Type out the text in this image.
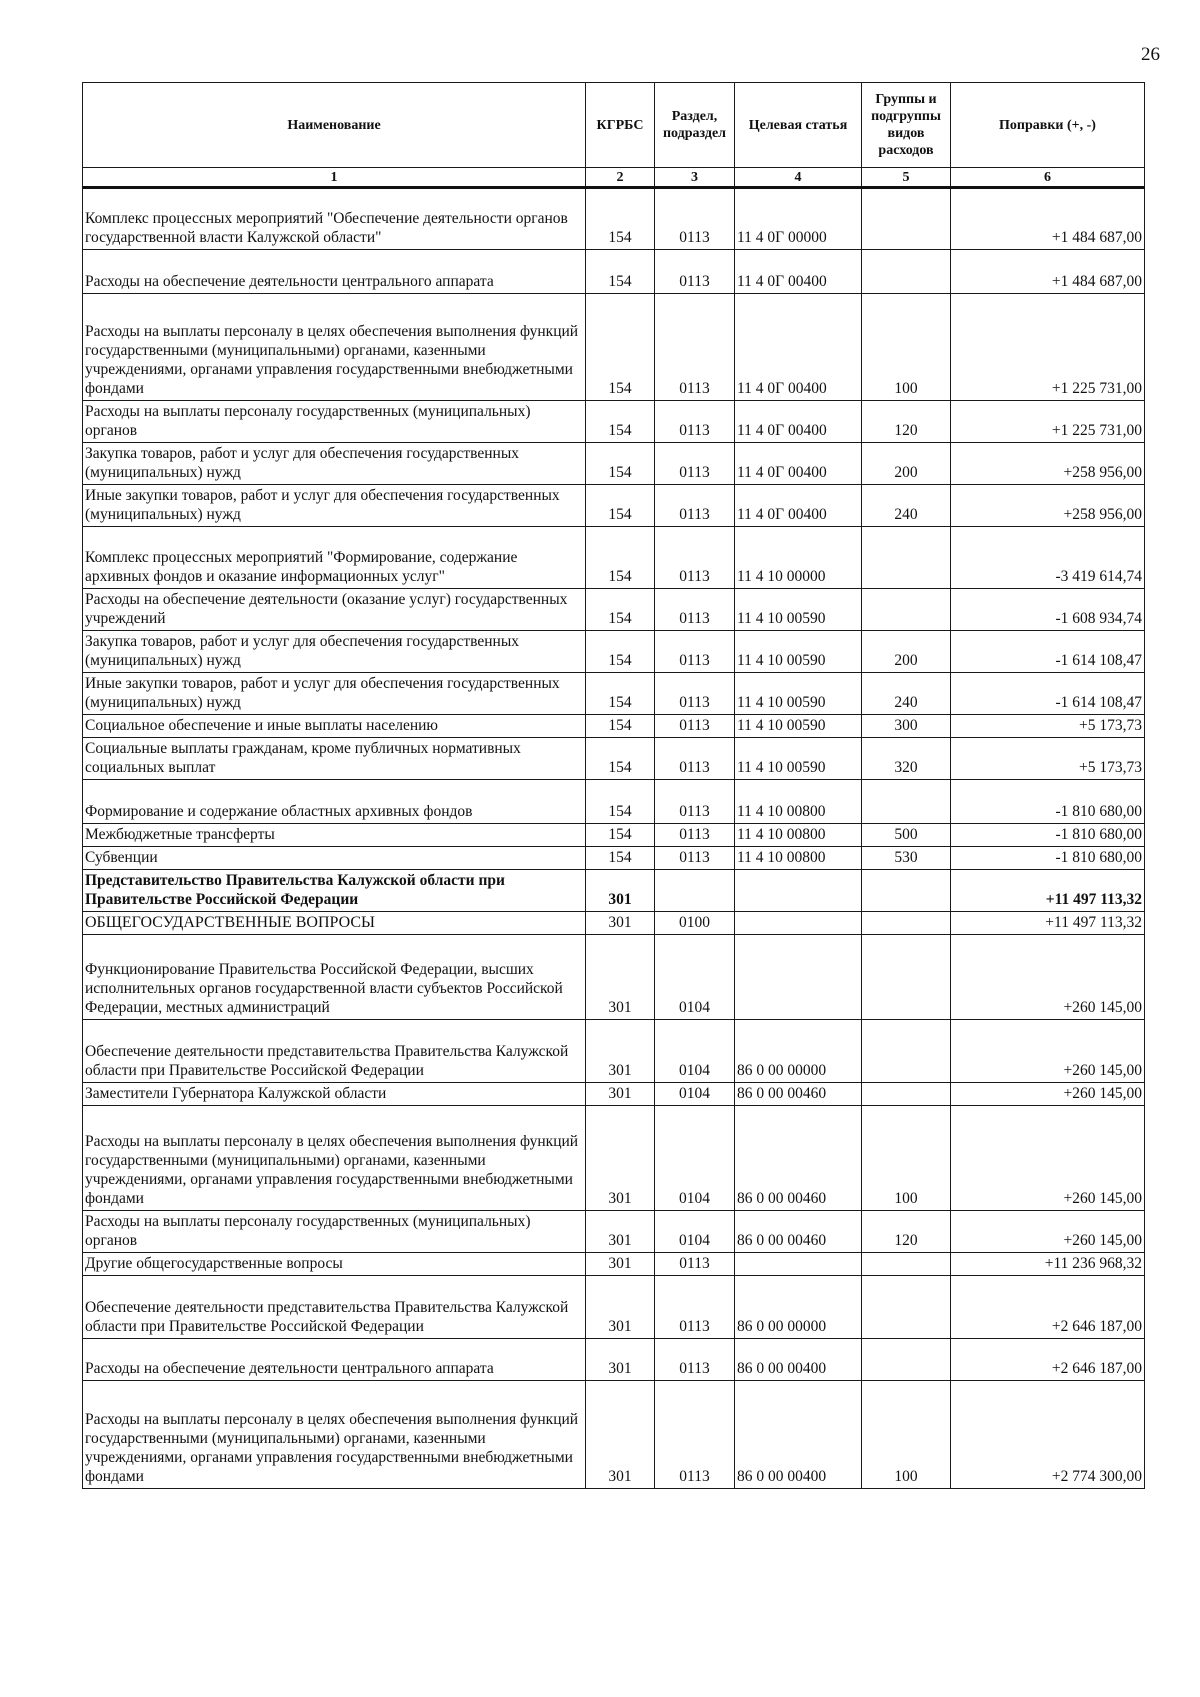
26
Наименование	КГРБС	Раздел, подраздел	Целевая статья	Группы и подгруппы видов расходов	Поправки (+, -)
1	2	3	4	5	6
Комплекс процессных мероприятий "Обеспечение деятельности органов государственной власти Калужской области"	154	0113	11 4 0Г 00000		+1 484 687,00
Расходы на обеспечение деятельности центрального аппарата	154	0113	11 4 0Г 00400		+1 484 687,00
Расходы на выплаты персоналу в целях обеспечения выполнения функций государственными (муниципальными) органами, казенными учреждениями, органами управления государственными внебюджетными фондами	154	0113	11 4 0Г 00400	100	+1 225 731,00
Расходы на выплаты персоналу государственных (муниципальных) органов	154	0113	11 4 0Г 00400	120	+1 225 731,00
Закупка товаров, работ и услуг для обеспечения государственных (муниципальных) нужд	154	0113	11 4 0Г 00400	200	+258 956,00
Иные закупки товаров, работ и услуг для обеспечения государственных (муниципальных) нужд	154	0113	11 4 0Г 00400	240	+258 956,00
Комплекс процессных мероприятий "Формирование, содержание архивных фондов и оказание информационных услуг"	154	0113	11 4 10 00000		-3 419 614,74
Расходы на обеспечение деятельности (оказание услуг) государственных учреждений	154	0113	11 4 10 00590		-1 608 934,74
Закупка товаров, работ и услуг для обеспечения государственных (муниципальных) нужд	154	0113	11 4 10 00590	200	-1 614 108,47
Иные закупки товаров, работ и услуг для обеспечения государственных (муниципальных) нужд	154	0113	11 4 10 00590	240	-1 614 108,47
Социальное обеспечение и иные выплаты населению	154	0113	11 4 10 00590	300	+5 173,73
Социальные выплаты гражданам, кроме публичных нормативных социальных выплат	154	0113	11 4 10 00590	320	+5 173,73
Формирование и содержание областных архивных фондов	154	0113	11 4 10 00800		-1 810 680,00
Межбюджетные трансферты	154	0113	11 4 10 00800	500	-1 810 680,00
Субвенции	154	0113	11 4 10 00800	530	-1 810 680,00
Представительство Правительства Калужской области при Правительстве Российской Федерации	301				+11 497 113,32
ОБЩЕГОСУДАРСТВЕННЫЕ ВОПРОСЫ	301	0100			+11 497 113,32
Функционирование Правительства Российской Федерации, высших исполнительных органов государственной власти субъектов Российской Федерации, местных администраций	301	0104			+260 145,00
Обеспечение деятельности представительства Правительства Калужской области при Правительстве Российской Федерации	301	0104	86 0 00 00000		+260 145,00
Заместители Губернатора Калужской области	301	0104	86 0 00 00460		+260 145,00
Расходы на выплаты персоналу в целях обеспечения выполнения функций государственными (муниципальными) органами, казенными учреждениями, органами управления государственными внебюджетными фондами	301	0104	86 0 00 00460	100	+260 145,00
Расходы на выплаты персоналу государственных (муниципальных) органов	301	0104	86 0 00 00460	120	+260 145,00
Другие общегосударственные вопросы	301	0113			+11 236 968,32
Обеспечение деятельности представительства Правительства Калужской области при Правительстве Российской Федерации	301	0113	86 0 00 00000		+2 646 187,00
Расходы на обеспечение деятельности центрального аппарата	301	0113	86 0 00 00400		+2 646 187,00
Расходы на выплаты персоналу в целях обеспечения выполнения функций государственными (муниципальными) органами, казенными учреждениями, органами управления государственными внебюджетными фондами	301	0113	86 0 00 00400	100	+2 774 300,00
